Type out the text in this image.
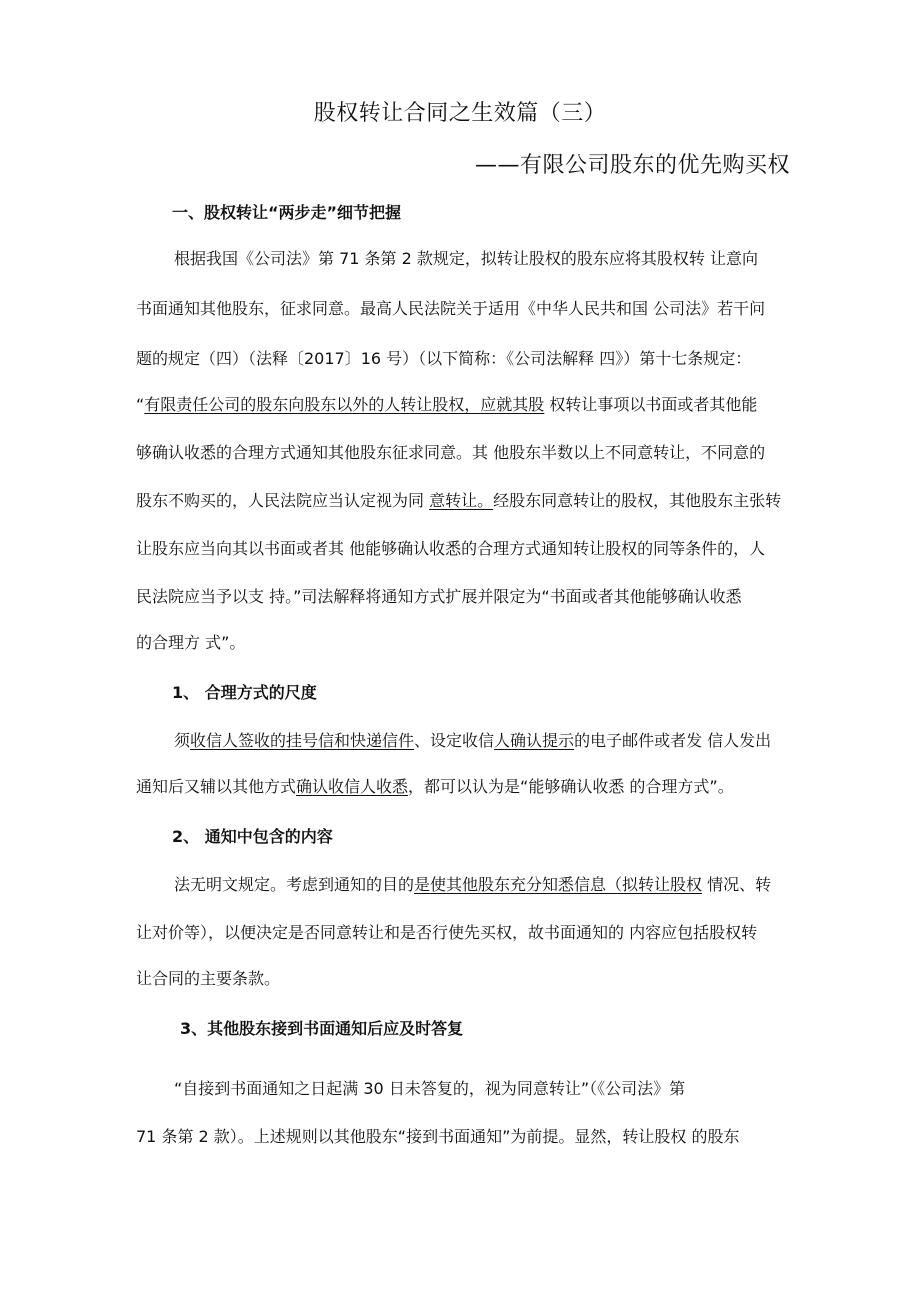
股权转让合同之生效篇（三）
——有限公司股东的优先购买权
一、股权转让“两步走”细节把握
根据我国《公司法》第 71 条第 2 款规定，拟转让股权的股东应将其股权转 让意向
书面通知其他股东，征求同意。最高人民法院关于适用《中华人民共和国 公司法》若干问
题的规定（四）（法释〔2017〕16 号）（以下简称：《公司法解释 四》）第十七条规定：
“有限责任公司的股东向股东以外的人转让股权，应就其股 权转让事项以书面或者其他能
够确认收悉的合理方式通知其他股东征求同意。其 他股东半数以上不同意转让，不同意的
股东不购买的，人民法院应当认定视为同 意转让。经股东同意转让的股权，其他股东主张转
让股东应当向其以书面或者其 他能够确认收悉的合理方式通知转让股权的同等条件的，人
民法院应当予以支 持。”司法解释将通知方式扩展并限定为“书面或者其他能够确认收悉
的合理方 式”。
1、 合理方式的尺度
须收信人签收的挂号信和快递信件、设定收信人确认提示的电子邮件或者发 信人发出
通知后又辅以其他方式确认收信人收悉，都可以认为是“能够确认收悉 的合理方式”。
2、 通知中包含的内容
法无明文规定。考虑到通知的目的是使其他股东充分知悉信息（拟转让股权 情况、转
让对价等），以便决定是否同意转让和是否行使先买权，故书面通知的 内容应包括股权转
让合同的主要条款。
3、其他股东接到书面通知后应及时答复
“自接到书面通知之日起满 30 日未答复的，视为同意转让”（《公司法》第
71 条第 2 款）。上述规则以其他股东“接到书面通知”为前提。显然，转让股权 的股东
